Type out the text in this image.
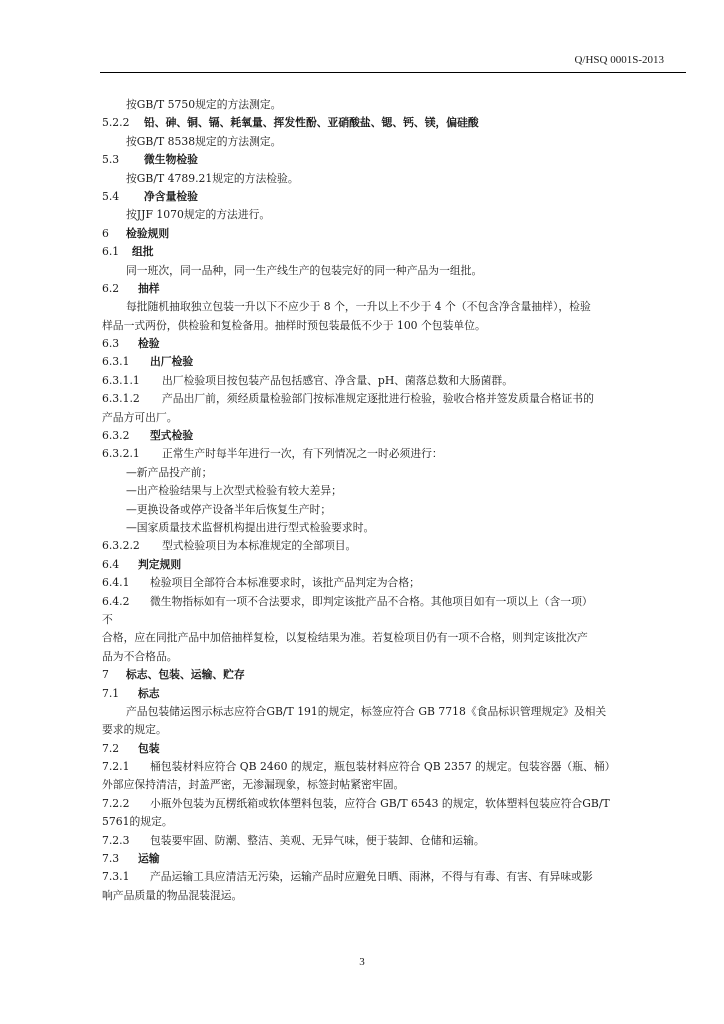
Q/HSQ 0001S-2013
按GB/T 5750规定的方法测定。
5.2.2 铅、砷、铜、镉、耗氧量、挥发性酚、亚硝酸盐、锶、钙、镁，偏硅酸
按GB/T 8538规定的方法测定。
5.3 微生物检验
按GB/T 4789.21规定的方法检验。
5.4 净含量检验
按JJF 1070规定的方法进行。
6 检验规则
6.1 组批
同一班次，同一品种，同一生产线生产的包装完好的同一种产品为一组批。
6.2 抽样
每批随机抽取独立包装一升以下不应少于 8 个，一升以上不少于 4 个（不包含净含量抽样），检验
样品一式两份，供检验和复检备用。抽样时预包装最低不少于 100 个包装单位。
6.3 检验
6.3.1 出厂检验
6.3.1.1 出厂检验项目按包装产品包括感官、净含量、pH、菌落总数和大肠菌群。
6.3.1.2 产品出厂前，须经质量检验部门按标准规定逐批进行检验，验收合格并签发质量合格证书的
产品方可出厂。
6.3.2 型式检验
6.3.2.1 正常生产时每半年进行一次，有下列情况之一时必须进行：
—新产品投产前；
—出产检验结果与上次型式检验有较大差异；
—更换设备或停产设备半年后恢复生产时；
—国家质量技术监督机构提出进行型式检验要求时。
6.3.2.2 型式检验项目为本标准规定的全部项目。
6.4 判定规则
6.4.1 检验项目全部符合本标准要求时，该批产品判定为合格；
6.4.2 微生物指标如有一项不合法要求，即判定该批产品不合格。其他项目如有一项以上（含一项）
不
合格，应在同批产品中加倍抽样复检，以复检结果为准。若复检项目仍有一项不合格，则判定该批次产
品为不合格品。
7 标志、包装、运输、贮存
7.1 标志
产品包装储运图示标志应符合GB/T 191的规定，标签应符合 GB 7718《食品标识管理规定》及相关
要求的规定。
7.2 包装
7.2.1 桶包装材料应符合 QB 2460 的规定，瓶包装材料应符合 QB 2357 的规定。包装容器（瓶、桶）
外部应保持清洁，封盖严密，无渗漏现象，标签封帖紧密牢固。
7.2.2 小瓶外包装为瓦楞纸箱或软体塑料包装，应符合 GB/T 6543 的规定，软体塑料包装应符合GB/T
5761的规定。
7.2.3 包装要牢固、防潮、整洁、美观、无异气味，便于装卸、仓储和运输。
7.3 运输
7.3.1 产品运输工具应清洁无污染，运输产品时应避免日晒、雨淋，不得与有毒、有害、有异味或影
响产品质量的物品混装混运。
3
